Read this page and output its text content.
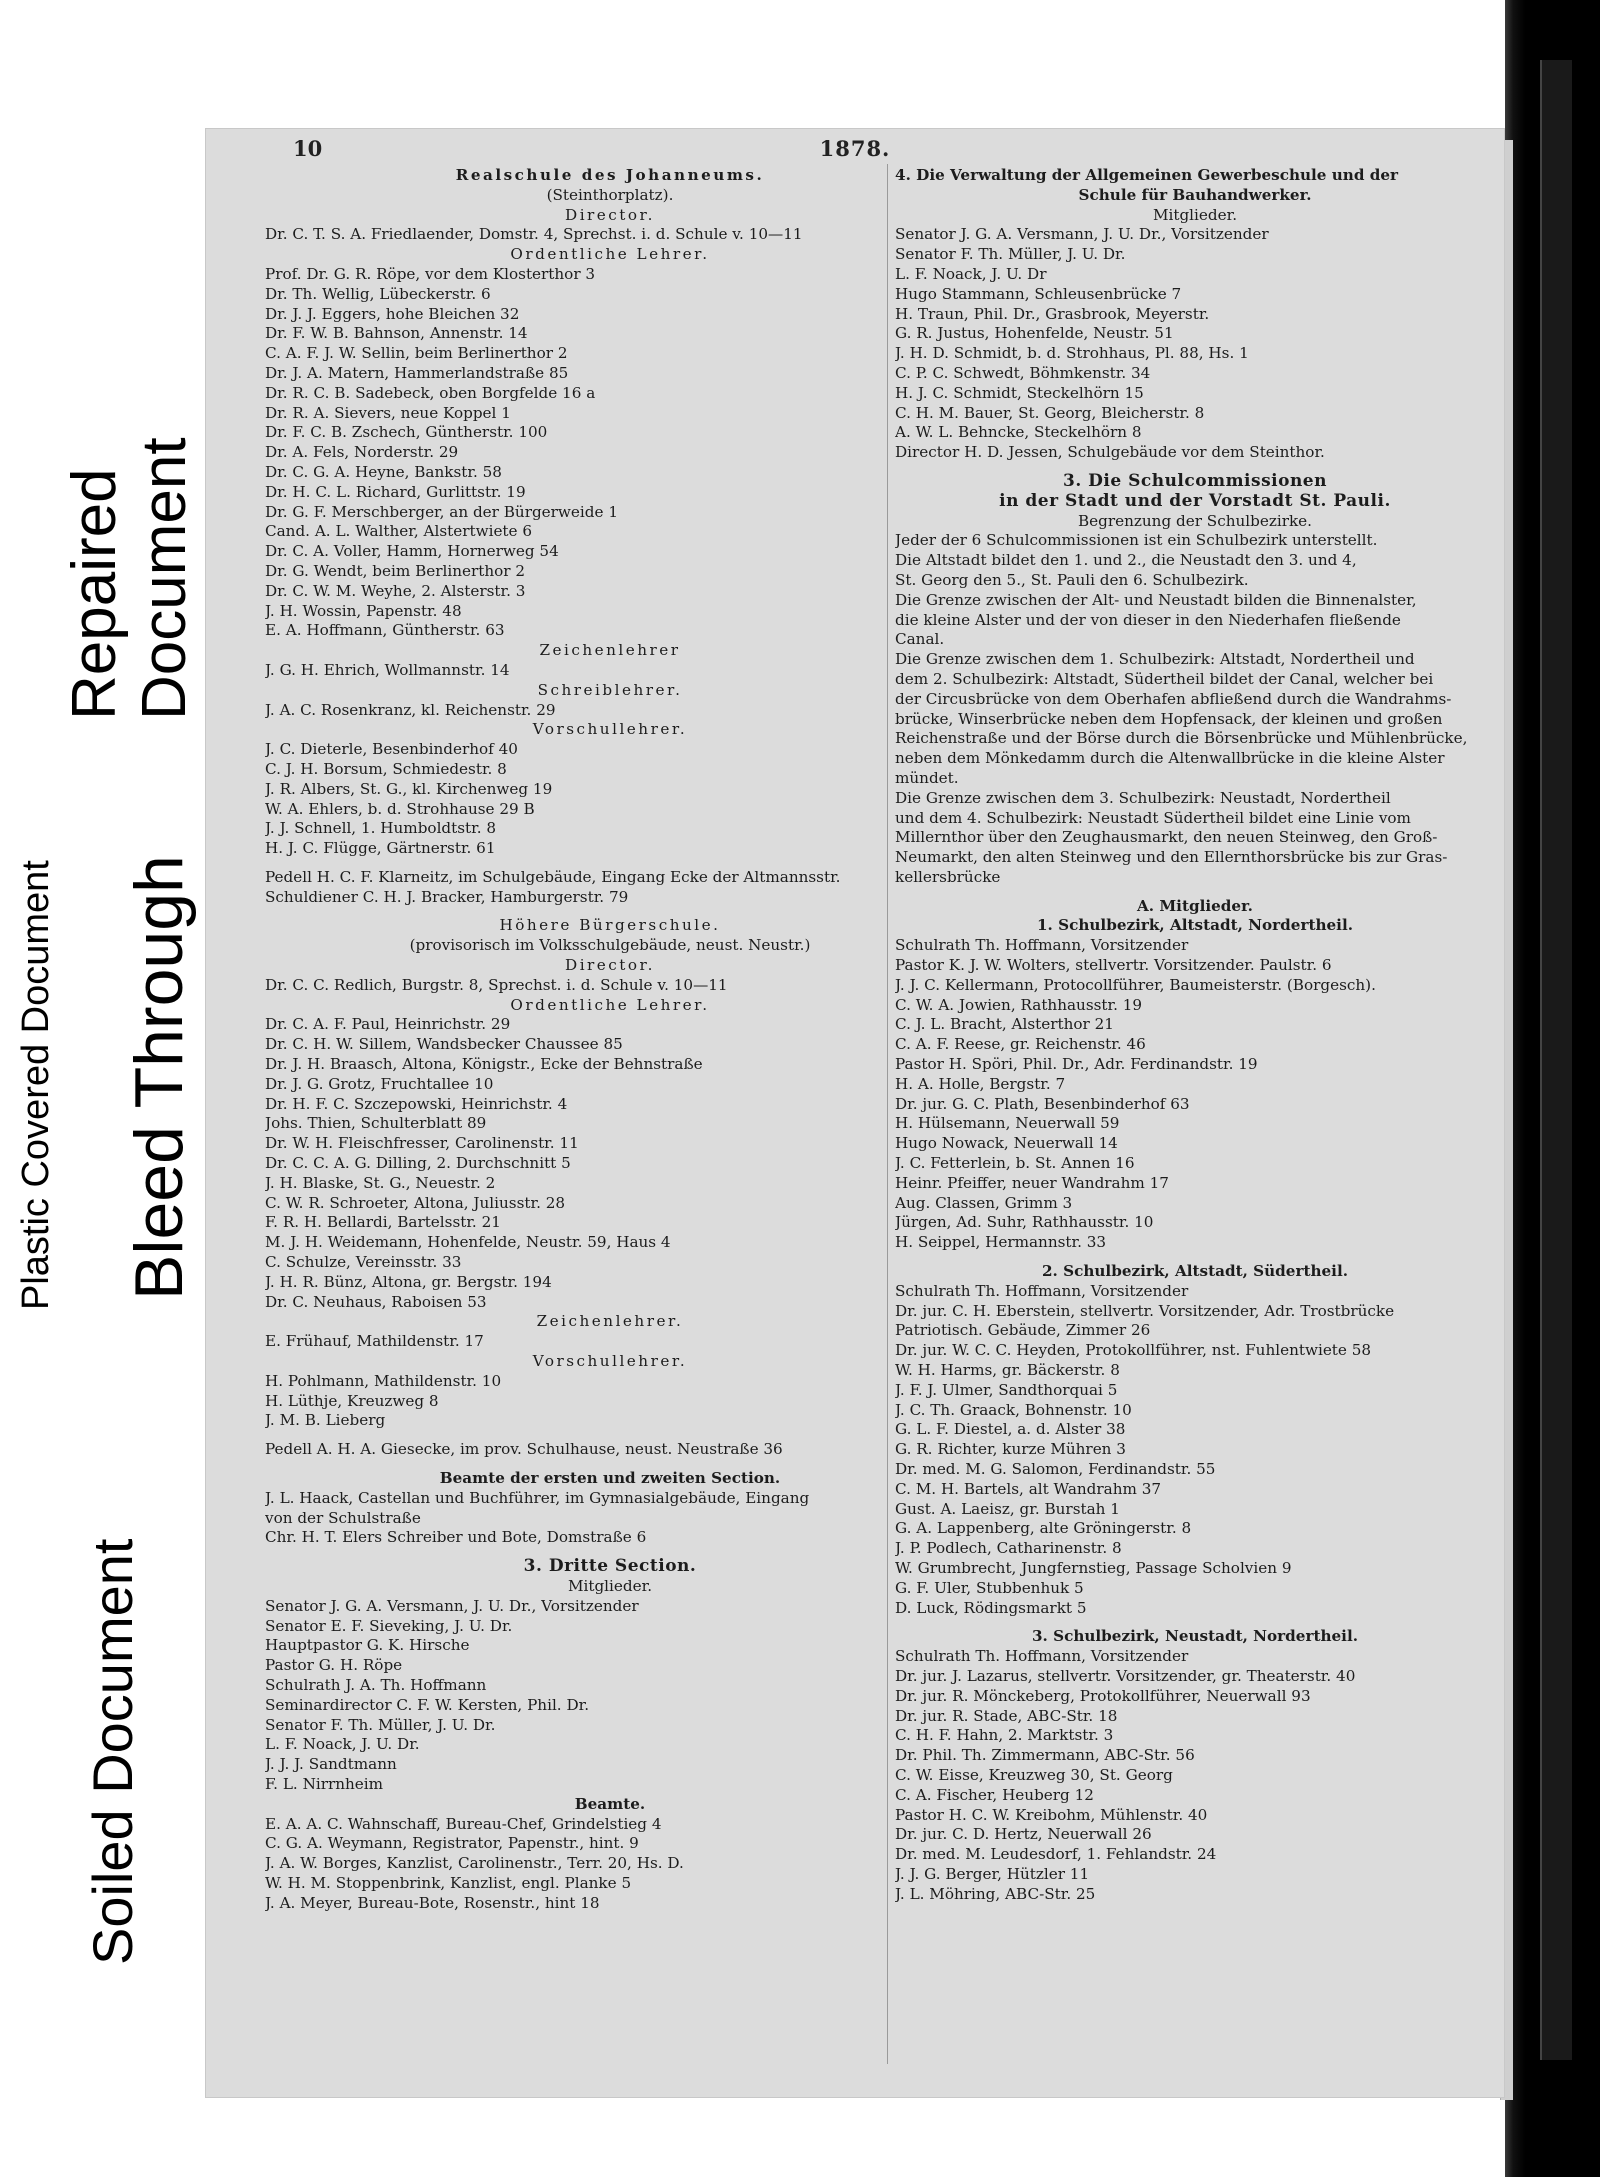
Plastic Covered Document Bleed Through
Repaired Document
Soiled Document
10	1878.
Realschule des Johanneums.
(Steinthorplatz).
Director.
Dr. C. T. S. A. Friedlaender, Domstr. 4, Sprechst. i. d. Schule v. 10—11
Ordentliche Lehrer.
Prof. Dr. G. R. Röpe, vor dem Klosterthor 3
Dr. Th. Wellig, Lübeckerstr. 6
Dr. J. J. Eggers, hohe Bleichen 32
Dr. F. W. B. Bahnson, Annenstr. 14
C. A. F. J. W. Sellin, beim Berlinerthor 2
Dr. J. A. Matern, Hammerlandstraße 85
Dr. R. C. B. Sadebeck, oben Borgfelde 16 a
Dr. R. A. Sievers, neue Koppel 1
Dr. F. C. B. Zschech, Güntherstr. 100
Dr. A. Fels, Norderstr. 29
Dr. C. G. A. Heyne, Bankstr. 58
Dr. H. C. L. Richard, Gurlittstr. 19
Dr. G. F. Merschberger, an der Bürgerweide 1
Cand. A. L. Walther, Alstertwiete 6
Dr. C. A. Voller, Hamm, Hornerweg 54
Dr. G. Wendt, beim Berlinerthor 2
Dr. C. W. M. Weyhe, 2. Alsterstr. 3
J. H. Wossin, Papenstr. 48
E. A. Hoffmann, Güntherstr. 63
Zeichenlehrer
J. G. H. Ehrich, Wollmannstr. 14
Schreiblehrer.
J. A. C. Rosenkranz, kl. Reichenstr. 29
Vorschullehrer.
J. C. Dieterle, Besenbinderhof 40
C. J. H. Borsum, Schmiedestr. 8
J. R. Albers, St. G., kl. Kirchenweg 19
W. A. Ehlers, b. d. Strohhause 29 B
J. J. Schnell, 1. Humboldtstr. 8
H. J. C. Flügge, Gärtnerstr. 61
Pedell H. C. F. Klarneitz, im Schulgebäude, Eingang Ecke der Altmannsstr.
Schuldiener C. H. J. Bracker, Hamburgerstr. 79
Höhere Bürgerschule.
(provisorisch im Volksschulgebäude, neust. Neustr.)
Director.
Dr. C. C. Redlich, Burgstr. 8, Sprechst. i. d. Schule v. 10—11
Ordentliche Lehrer.
Dr. C. A. F. Paul, Heinrichstr. 29
Dr. C. H. W. Sillem, Wandsbecker Chaussee 85
Dr. J. H. Braasch, Altona, Königstr., Ecke der Behnstraße
Dr. J. G. Grotz, Fruchtallee 10
Dr. H. F. C. Szczepowski, Heinrichstr. 4
Johs. Thien, Schulterblatt 89
Dr. W. H. Fleischfresser, Carolinenstr. 11
Dr. C. C. A. G. Dilling, 2. Durchschnitt 5
J. H. Blaske, St. G., Neuestr. 2
C. W. R. Schroeter, Altona, Juliusstr. 28
F. R. H. Bellardi, Bartelsstr. 21
M. J. H. Weidemann, Hohenfelde, Neustr. 59, Haus 4
C. Schulze, Vereinsstr. 33
J. H. R. Bünz, Altona, gr. Bergstr. 194
Dr. C. Neuhaus, Raboisen 53
Zeichenlehrer.
E. Frühauf, Mathildenstr. 17
Vorschullehrer.
H. Pohlmann, Mathildenstr. 10
H. Lüthje, Kreuzweg 8
J. M. B. Lieberg
Pedell A. H. A. Giesecke, im prov. Schulhause, neust. Neustraße 36
Beamte der ersten und zweiten Section.
J. L. Haack, Castellan und Buchführer, im Gymnasialgebäude, Eingang
von der Schulstraße
Chr. H. T. Elers Schreiber und Bote, Domstraße 6
3. Dritte Section.
Mitglieder.
Senator J. G. A. Versmann, J. U. Dr., Vorsitzender
Senator E. F. Sieveking, J. U. Dr.
Hauptpastor G. K. Hirsche
Pastor G. H. Röpe
Schulrath J. A. Th. Hoffmann
Seminardirector C. F. W. Kersten, Phil. Dr.
Senator F. Th. Müller, J. U. Dr.
L. F. Noack, J. U. Dr.
J. J. J. Sandtmann
F. L. Nirrnheim
Beamte.
E. A. A. C. Wahnschaff, Bureau-Chef, Grindelstieg 4
C. G. A. Weymann, Registrator, Papenstr., hint. 9
J. A. W. Borges, Kanzlist, Carolinenstr., Terr. 20, Hs. D.
W. H. M. Stoppenbrink, Kanzlist, engl. Planke 5
J. A. Meyer, Bureau-Bote, Rosenstr., hint 18
4. Die Verwaltung der Allgemeinen Gewerbeschule und der
Schule für Bauhandwerker.
Mitglieder.
Senator J. G. A. Versmann, J. U. Dr., Vorsitzender
Senator F. Th. Müller, J. U. Dr.
L. F. Noack, J. U. Dr
Hugo Stammann, Schleusenbrücke 7
H. Traun, Phil. Dr., Grasbrook, Meyerstr.
G. R. Justus, Hohenfelde, Neustr. 51
J. H. D. Schmidt, b. d. Strohhaus, Pl. 88, Hs. 1
C. P. C. Schwedt, Böhmkenstr. 34
H. J. C. Schmidt, Steckelhörn 15
C. H. M. Bauer, St. Georg, Bleicherstr. 8
A. W. L. Behncke, Steckelhörn 8
Director H. D. Jessen, Schulgebäude vor dem Steinthor.
3. Die Schulcommissionen
in der Stadt und der Vorstadt St. Pauli.
Begrenzung der Schulbezirke.
Jeder der 6 Schulcommissionen ist ein Schulbezirk unterstellt.
Die Altstadt bildet den 1. und 2., die Neustadt den 3. und 4,
St. Georg den 5., St. Pauli den 6. Schulbezirk.
Die Grenze zwischen der Alt- und Neustadt bilden die Binnenalster,
die kleine Alster und der von dieser in den Niederhafen fließende
Canal.
Die Grenze zwischen dem 1. Schulbezirk: Altstadt, Nordertheil und
dem 2. Schulbezirk: Altstadt, Südertheil bildet der Canal, welcher bei
der Circusbrücke von dem Oberhafen abfließend durch die Wandrahms-
brücke, Winserbrücke neben dem Hopfensack, der kleinen und großen
Reichenstraße und der Börse durch die Börsenbrücke und Mühlenbrücke,
neben dem Mönkedamm durch die Altenwallbrücke in die kleine Alster
mündet.
Die Grenze zwischen dem 3. Schulbezirk: Neustadt, Nordertheil
und dem 4. Schulbezirk: Neustadt Südertheil bildet eine Linie vom
Millernthor über den Zeughausmarkt, den neuen Steinweg, den Groß-
Neumarkt, den alten Steinweg und den Ellernthorsbrücke bis zur Gras-
kellersbrücke
A. Mitglieder.
1. Schulbezirk, Altstadt, Nordertheil.
Schulrath Th. Hoffmann, Vorsitzender
Pastor K. J. W. Wolters, stellvertr. Vorsitzender. Paulstr. 6
J. J. C. Kellermann, Protocollführer, Baumeisterstr. (Borgesch).
C. W. A. Jowien, Rathhausstr. 19
C. J. L. Bracht, Alsterthor 21
C. A. F. Reese, gr. Reichenstr. 46
Pastor H. Spöri, Phil. Dr., Adr. Ferdinandstr. 19
H. A. Holle, Bergstr. 7
Dr. jur. G. C. Plath, Besenbinderhof 63
H. Hülsemann, Neuerwall 59
Hugo Nowack, Neuerwall 14
J. C. Fetterlein, b. St. Annen 16
Heinr. Pfeiffer, neuer Wandrahm 17
Aug. Classen, Grimm 3
Jürgen, Ad. Suhr, Rathhausstr. 10
H. Seippel, Hermannstr. 33
2. Schulbezirk, Altstadt, Südertheil.
Schulrath Th. Hoffmann, Vorsitzender
Dr. jur. C. H. Eberstein, stellvertr. Vorsitzender, Adr. Trostbrücke
Patriotisch. Gebäude, Zimmer 26
Dr. jur. W. C. C. Heyden, Protokollführer, nst. Fuhlentwiete 58
W. H. Harms, gr. Bäckerstr. 8
J. F. J. Ulmer, Sandthorquai 5
J. C. Th. Graack, Bohnenstr. 10
G. L. F. Diestel, a. d. Alster 38
G. R. Richter, kurze Mühren 3
Dr. med. M. G. Salomon, Ferdinandstr. 55
C. M. H. Bartels, alt Wandrahm 37
Gust. A. Laeisz, gr. Burstah 1
G. A. Lappenberg, alte Gröningerstr. 8
J. P. Podlech, Catharinenstr. 8
W. Grumbrecht, Jungfernstieg, Passage Scholvien 9
G. F. Uler, Stubbenhuk 5
D. Luck, Rödingsmarkt 5
3. Schulbezirk, Neustadt, Nordertheil.
Schulrath Th. Hoffmann, Vorsitzender
Dr. jur. J. Lazarus, stellvertr. Vorsitzender, gr. Theaterstr. 40
Dr. jur. R. Mönckeberg, Protokollführer, Neuerwall 93
Dr. jur. R. Stade, ABC-Str. 18
C. H. F. Hahn, 2. Marktstr. 3
Dr. Phil. Th. Zimmermann, ABC-Str. 56
C. W. Eisse, Kreuzweg 30, St. Georg
C. A. Fischer, Heuberg 12
Pastor H. C. W. Kreibohm, Mühlenstr. 40
Dr. jur. C. D. Hertz, Neuerwall 26
Dr. med. M. Leudesdorf, 1. Fehlandstr. 24
J. J. G. Berger, Hützler 11
J. L. Möhring, ABC-Str. 25
